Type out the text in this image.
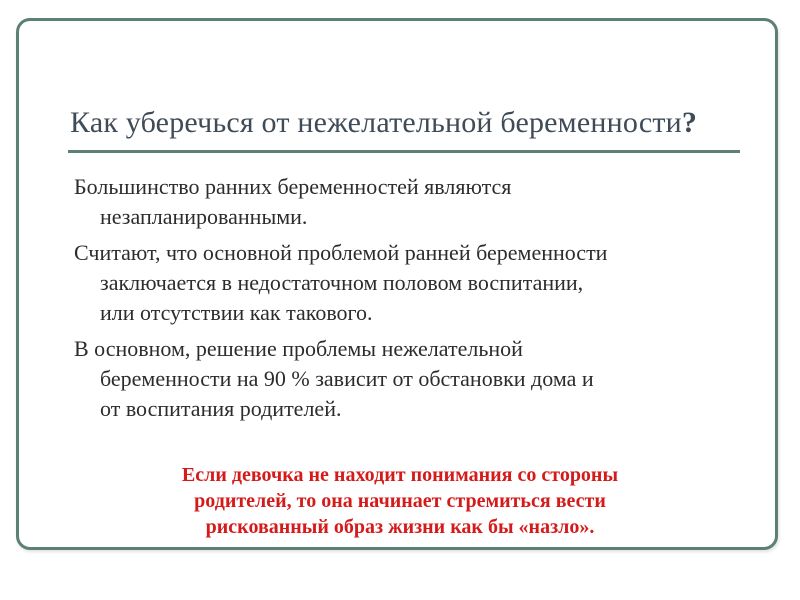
Как уберечься от нежелательной беременности?

Большинство ранних беременностей являются
незапланированными.

Считают, что основной проблемой ранней беременности
заключается в недостаточном половом воспитании,
или отсутствии как такового.

В основном, решение проблемы нежелательной
беременности на 90 % зависит от обстановки дома и
от воспитания родителей.

Если девочка не находит понимания со стороны
родителей, то она начинает стремиться вести
рискованный образ жизни как бы «назло».
